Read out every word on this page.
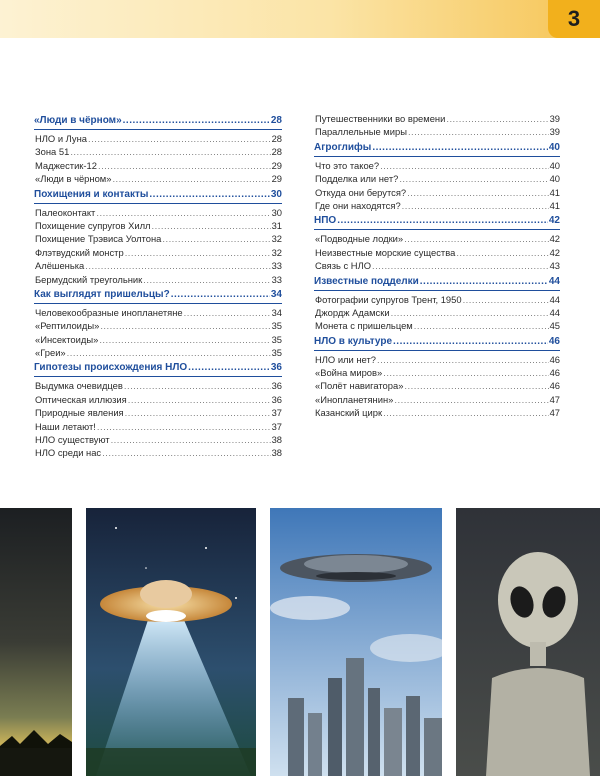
3
«Люди в чёрном» .....	28
НЛО и Луна .....	28
Зона 51 .....	28
Маджестик-12 .....	29
«Люди в чёрном» .....	29
Похищения и контакты .....	30
Палеоконтакт .....	30
Похищение супругов Хилл .....	31
Похищение Трэвиса Уолтона .....	32
Флэтвудский монстр .....	32
Алёшенька .....	33
Бермудский треугольник .....	33
Как выглядят пришельцы? .....	34
Человекообразные инопланетяне .....	34
«Рептилоиды» .....	35
«Инсектоиды» .....	35
«Греи» .....	35
Гипотезы происхождения НЛО .....	36
Выдумка очевидцев .....	36
Оптическая иллюзия .....	36
Природные явления .....	37
Наши летают! .....	37
НЛО существуют .....	38
НЛО среди нас .....	38
Путешественники во времени .....	39
Параллельные миры .....	39
Агроглифы .....	40
Что это такое? .....	40
Подделка или нет? .....	40
Откуда они берутся? .....	41
Где они находятся? .....	41
НПО .....	42
«Подводные лодки» .....	42
Неизвестные морские существа .....	42
Связь с НЛО .....	43
Известные подделки .....	44
Фотографии супругов Трент, 1950 .....	44
Джордж Адамски .....	44
Монета с пришельцем .....	45
НЛО в культуре .....	46
НЛО или нет? .....	46
«Война миров» .....	46
«Полёт навигатора» .....	46
«Инопланетянин» .....	47
Казанский цирк .....	47
